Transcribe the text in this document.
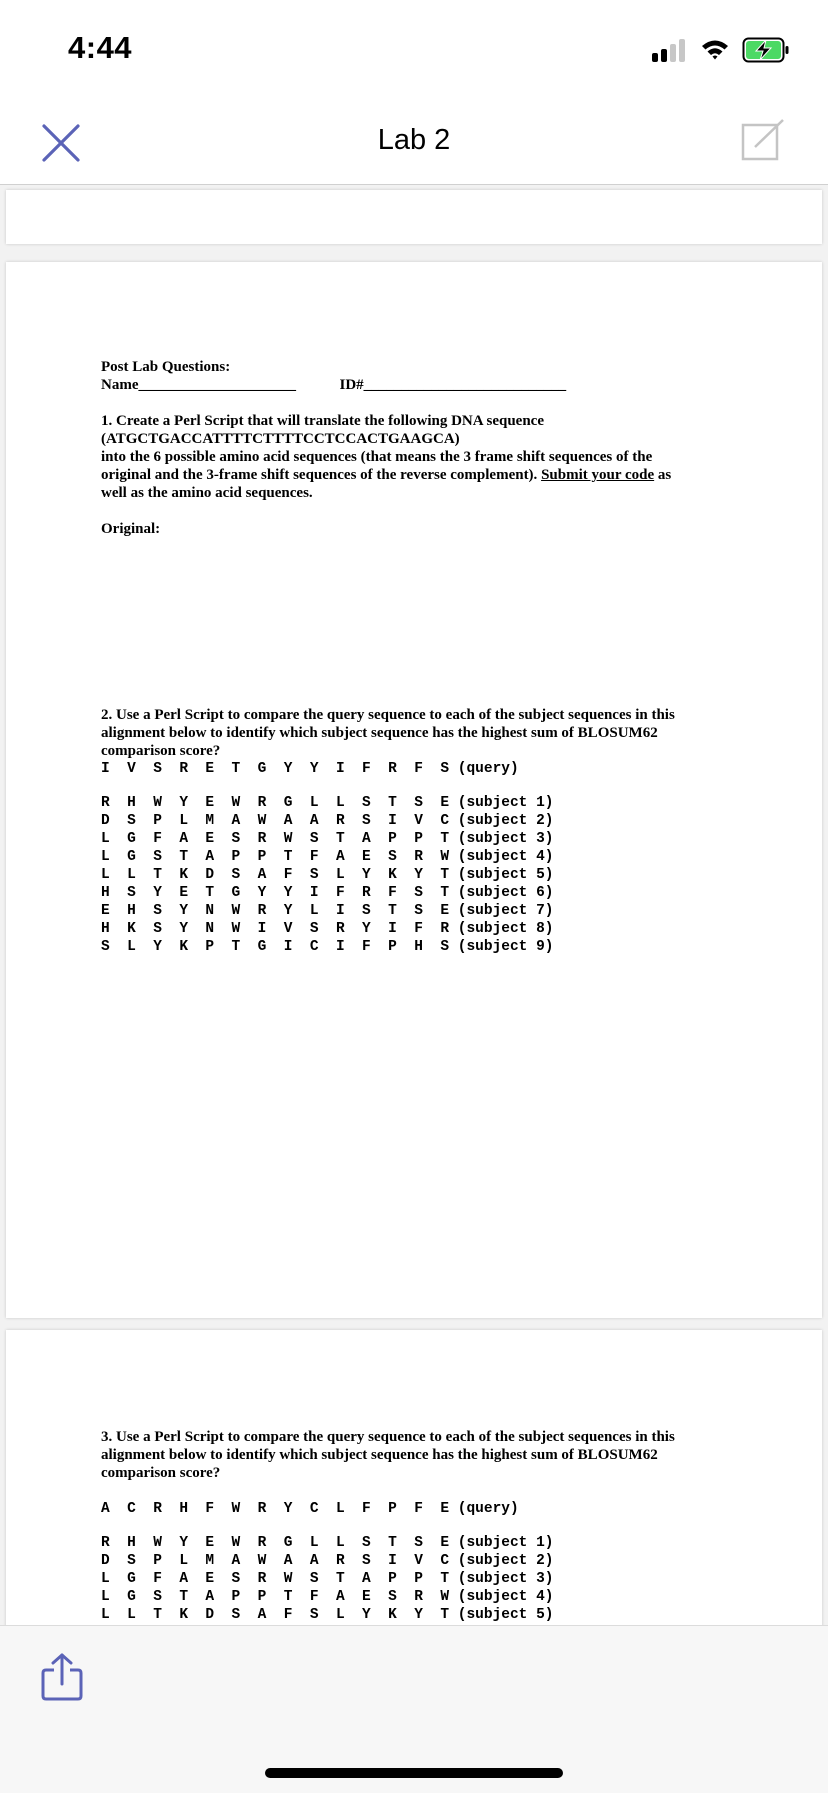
4:44
Lab 2
Post Lab Questions:
Name_____________________	ID#___________________________
1. Create a Perl Script that will translate the following DNA sequence
(ATGCTGACCATTTTCTTTTCCTCCACTGAAGCA)
into the 6 possible amino acid sequences (that means the 3 frame shift sequences of the
original and the 3-frame shift sequences of the reverse complement). Submit your code as
well as the amino acid sequences.
Original:
2. Use a Perl Script to compare the query sequence to each of the subject sequences in this
alignment below to identify which subject sequence has the highest sum of BLOSUM62
comparison score?
I  V  S  R  E  T  G  Y  Y  I  F  R  F  S (query)
R  H  W  Y  E  W  R  G  L  L  S  T  S  E (subject 1)
D  S  P  L  M  A  W  A  A  R  S  I  V  C (subject 2)
L  G  F  A  E  S  R  W  S  T  A  P  P  T (subject 3)
L  G  S  T  A  P  P  T  F  A  E  S  R  W (subject 4)
L  L  T  K  D  S  A  F  S  L  Y  K  Y  T (subject 5)
H  S  Y  E  T  G  Y  Y  I  F  R  F  S  T (subject 6)
E  H  S  Y  N  W  R  Y  L  I  S  T  S  E (subject 7)
H  K  S  Y  N  W  I  V  S  R  Y  I  F  R (subject 8)
S  L  Y  K  P  T  G  I  C  I  F  P  H  S (subject 9)
3. Use a Perl Script to compare the query sequence to each of the subject sequences in this
alignment below to identify which subject sequence has the highest sum of BLOSUM62
comparison score?
A  C  R  H  F  W  R  Y  C  L  F  P  F  E (query)
R  H  W  Y  E  W  R  G  L  L  S  T  S  E (subject 1)
D  S  P  L  M  A  W  A  A  R  S  I  V  C (subject 2)
L  G  F  A  E  S  R  W  S  T  A  P  P  T (subject 3)
L  G  S  T  A  P  P  T  F  A  E  S  R  W (subject 4)
L  L  T  K  D  S  A  F  S  L  Y  K  Y  T (subject 5)
